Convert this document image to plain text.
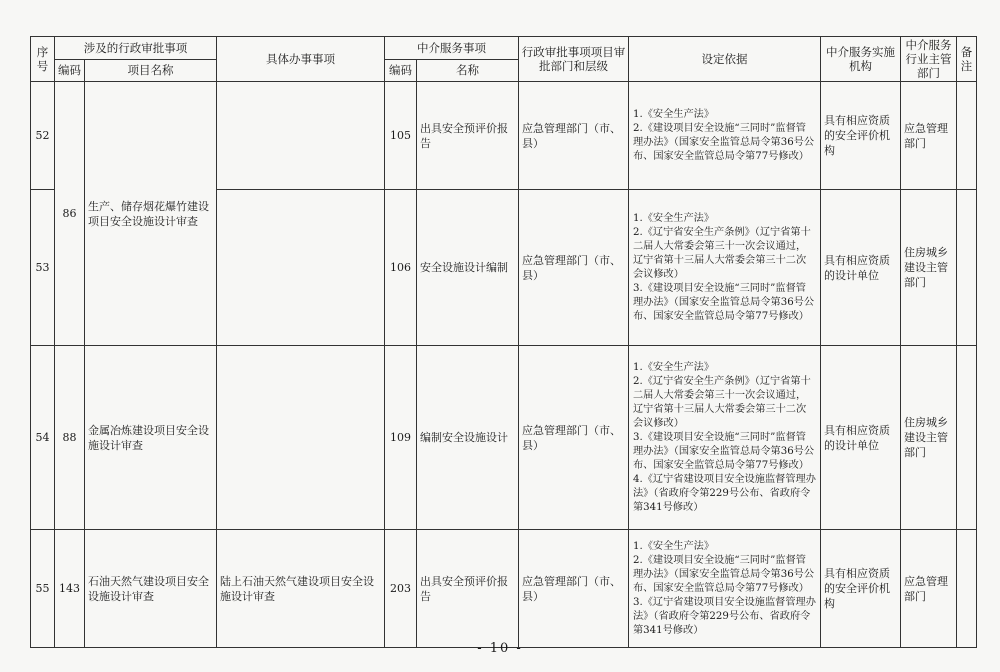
序号	涉及的行政审批事项		具体办事事项	中介服务事项		行政审批事项项目审批部门和层级	设定依据	中介服务实施机构	中介服务行业主管部门	备注
	编码	项目名称		编码	名称					
52	86	生产、储存烟花爆竹建设项目安全设施设计审查		105	出具安全预评价报告	应急管理部门（市、县）	1.《安全生产法》
2.《建设项目安全设施“三同时”监督管理办法》（国家安全监管总局令第36号公布、国家安全监管总局令第77号修改）	具有相应资质的安全评价机构	应急管理部门	
53				106	安全设施设计编制	应急管理部门（市、县）	1.《安全生产法》
2.《辽宁省安全生产条例》（辽宁省第十二届人大常委会第三十一次会议通过，辽宁省第十三届人大常委会第三十二次会议修改）
3.《建设项目安全设施“三同时”监督管理办法》（国家安全监管总局令第36号公布、国家安全监管总局令第77号修改）	具有相应资质的设计单位	住房城乡建设主管部门	
54	88	金属冶炼建设项目安全设施设计审查		109	编制安全设施设计	应急管理部门（市、县）	1.《安全生产法》
2.《辽宁省安全生产条例》（辽宁省第十二届人大常委会第三十一次会议通过，辽宁省第十三届人大常委会第三十二次会议修改）
3.《建设项目安全设施“三同时”监督管理办法》（国家安全监管总局令第36号公布、国家安全监管总局令第77号修改）
4.《辽宁省建设项目安全设施监督管理办法》（省政府令第229号公布、省政府令第341号修改）	具有相应资质的设计单位	住房城乡建设主管部门	
55	143	石油天然气建设项目安全设施设计审查	陆上石油天然气建设项目安全设施设计审查	203	出具安全预评价报告	应急管理部门（市、县）	1.《安全生产法》
2.《建设项目安全设施“三同时”监督管理办法》（国家安全监管总局令第36号公布、国家安全监管总局令第77号修改）
3.《辽宁省建设项目安全设施监督管理办法》（省政府令第229号公布、省政府令第341号修改）	具有相应资质的安全评价机构	应急管理部门	
- 10 -
